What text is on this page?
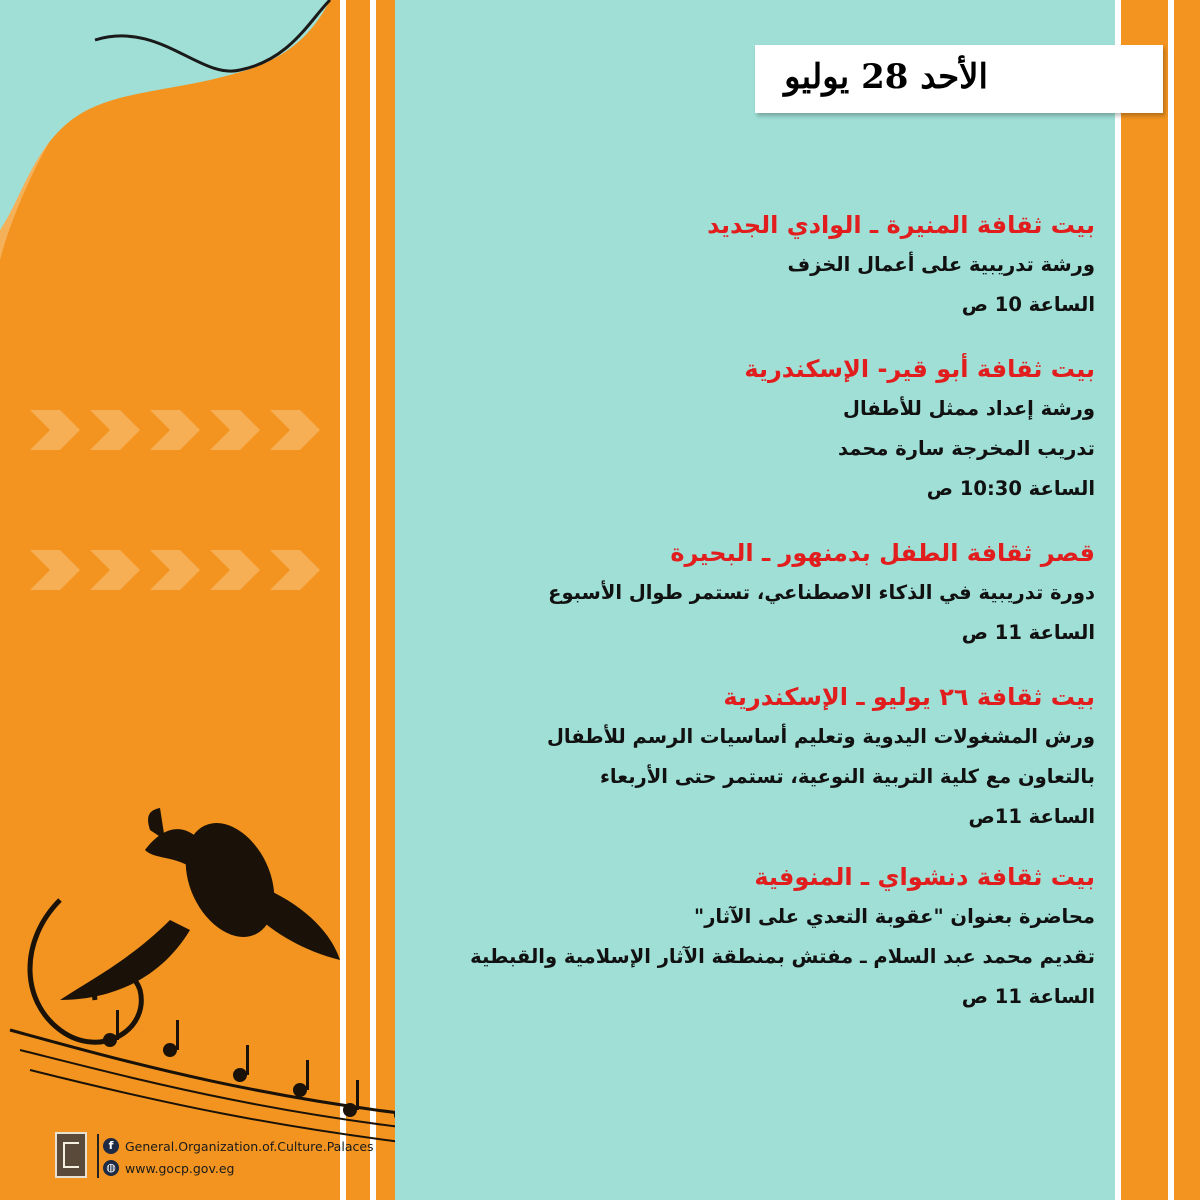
الأحد 28 يوليو
بيت ثقافة المنيرة ـ الوادي الجديد
ورشة تدريبية على أعمال الخزف
الساعة 10 ص
بيت ثقافة أبو قير- الإسكندرية
ورشة إعداد ممثل للأطفال
تدريب المخرجة سارة محمد
الساعة 10:30 ص
قصر ثقافة الطفل بدمنهور ـ البحيرة
دورة تدريبية في الذكاء الاصطناعي، تستمر طوال الأسبوع
الساعة 11 ص
بيت ثقافة ٢٦ يوليو ـ الإسكندرية
ورش المشغولات اليدوية وتعليم أساسيات الرسم للأطفال
بالتعاون مع كلية التربية النوعية، تستمر حتى الأربعاء
الساعة 11ص
بيت ثقافة دنشواي ـ المنوفية
محاضرة بعنوان "عقوبة التعدي على الآثار"
تقديم محمد عبد السلام ـ مفتش بمنطقة الآثار الإسلامية والقبطية
الساعة 11 ص
f General.Organization.of.Culture.Palaces
◍ www.gocp.gov.eg
